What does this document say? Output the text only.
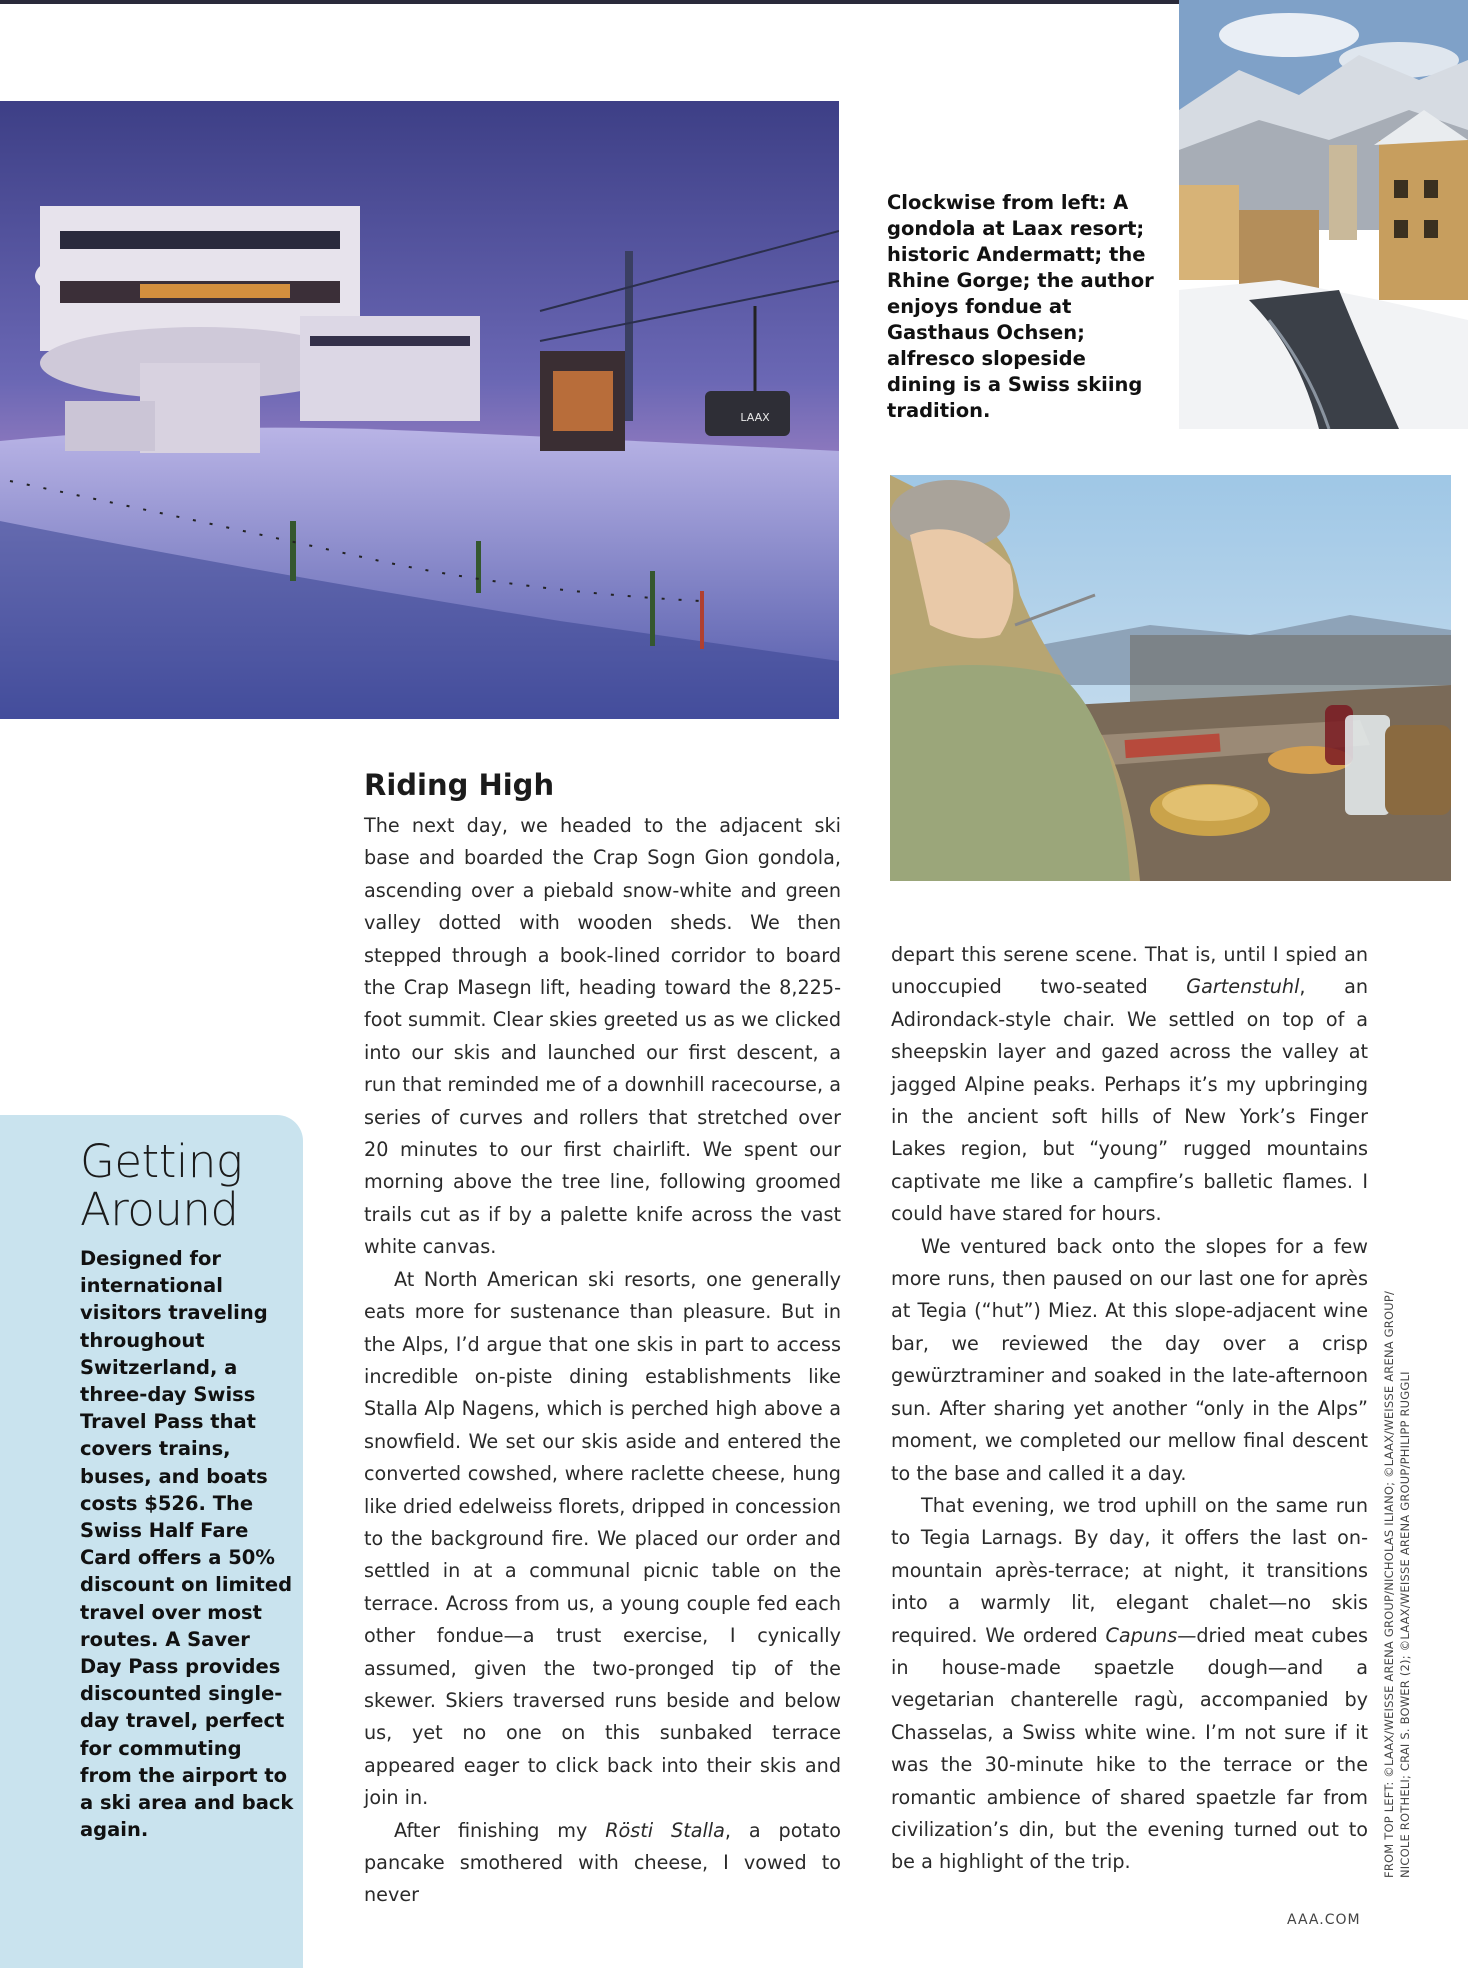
LAAX
Clockwise from left: A gondola at Laax resort; historic Andermatt; the Rhine Gorge; the author enjoys fondue at Gasthaus Ochsen; alfresco slopeside dining is a Swiss skiing tradition.
Getting
Around
Designed for international visitors traveling throughout Switzerland, a three-day Swiss Travel Pass that covers trains, buses, and boats costs $526. The Swiss Half Fare Card offers a 50% discount on limited travel over most routes. A Saver Day Pass provides discounted single-day travel, perfect for commuting from the airport to a ski area and back again.
Riding High

The next day, we headed to the adjacent ski base and boarded the Crap Sogn Gion gondola, ascending over a piebald snow-white and green valley dotted with wooden sheds. We then stepped through a book-lined corridor to board the Crap Masegn lift, heading toward the 8,225-foot summit. Clear skies greeted us as we clicked into our skis and launched our first descent, a run that reminded me of a downhill racecourse, a series of curves and rollers that stretched over 20 minutes to our first chairlift. We spent our morning above the tree line, following groomed trails cut as if by a palette knife across the vast white canvas.

At North American ski resorts, one generally eats more for sustenance than pleasure. But in the Alps, I’d argue that one skis in part to access incredible on-piste dining establishments like Stalla Alp Nagens, which is perched high above a snowfield. We set our skis aside and entered the converted cowshed, where raclette cheese, hung like dried edelweiss florets, dripped in concession to the background fire. We placed our order and settled in at a communal picnic table on the terrace. Across from us, a young couple fed each other fondue—a trust exercise, I cynically assumed, given the two-pronged tip of the skewer. Skiers traversed runs beside and below us, yet no one on this sunbaked terrace appeared eager to click back into their skis and join in.

After finishing my Rösti Stalla, a potato pancake smothered with cheese, I vowed to never

depart this serene scene. That is, until I spied an unoccupied two-seated Gartenstuhl, an Adirondack-style chair. We settled on top of a sheepskin layer and gazed across the valley at jagged Alpine peaks. Perhaps it’s my upbringing in the ancient soft hills of New York’s Finger Lakes region, but “young” rugged mountains captivate me like a campfire’s balletic flames. I could have stared for hours.

We ventured back onto the slopes for a few more runs, then paused on our last one for après at Tegia (“hut”) Miez. At this slope-adjacent wine bar, we reviewed the day over a crisp gewürztraminer and soaked in the late-afternoon sun. After sharing yet another “only in the Alps” moment, we completed our mellow final descent to the base and called it a day.

That evening, we trod uphill on the same run to Tegia Larnags. By day, it offers the last on-mountain après-terrace; at night, it transitions into a warmly lit, elegant chalet—no skis required. We ordered Capuns—dried meat cubes in house-made spaetzle dough—and a vegetarian chanterelle ragù, accompanied by Chasselas, a Swiss white wine. I’m not sure if it was the 30-minute hike to the terrace or the romantic ambience of shared spaetzle far from civilization’s din, but the evening turned out to be a highlight of the trip.	FROM TOP LEFT: ©LAAX/WEISSE ARENA GROUP/NICHOLAS ILIANO; ©LAAX/WEISSE ARENA GROUP/ NICOLE ROTHELI; CRAI S. BOWER (2); ©LAAX/WEISSE ARENA GROUP/PHILIPP RUGGLI
AAA.COM
